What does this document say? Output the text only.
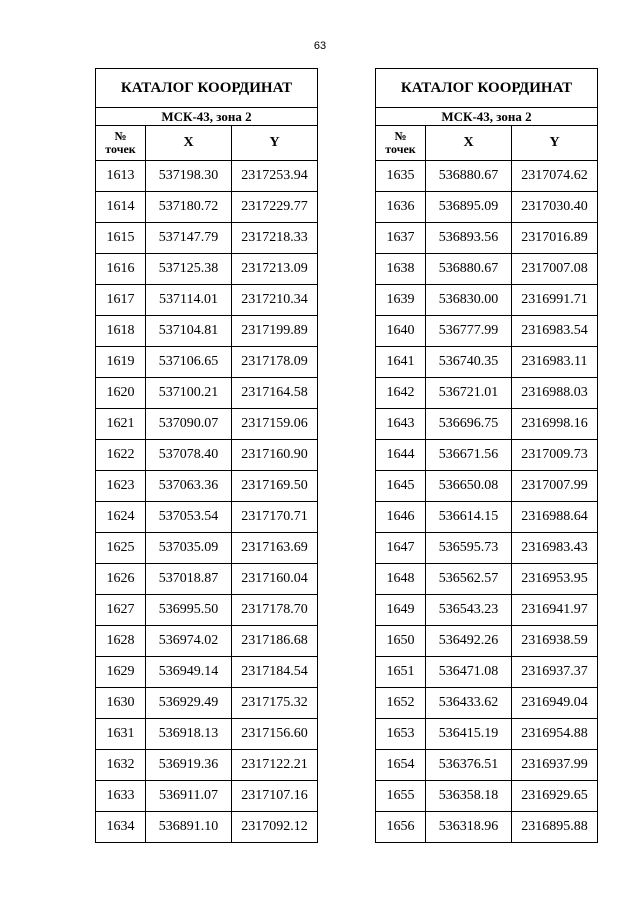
63
КАТАЛОГ КООРДИНАТ		
МСК-43, зона 2		
№
точек	X	Y
1613	537198.30	2317253.94
1614	537180.72	2317229.77
1615	537147.79	2317218.33
1616	537125.38	2317213.09
1617	537114.01	2317210.34
1618	537104.81	2317199.89
1619	537106.65	2317178.09
1620	537100.21	2317164.58
1621	537090.07	2317159.06
1622	537078.40	2317160.90
1623	537063.36	2317169.50
1624	537053.54	2317170.71
1625	537035.09	2317163.69
1626	537018.87	2317160.04
1627	536995.50	2317178.70
1628	536974.02	2317186.68
1629	536949.14	2317184.54
1630	536929.49	2317175.32
1631	536918.13	2317156.60
1632	536919.36	2317122.21
1633	536911.07	2317107.16
1634	536891.10	2317092.12
КАТАЛОГ КООРДИНАТ		
МСК-43, зона 2		
№
точек	X	Y
1635	536880.67	2317074.62
1636	536895.09	2317030.40
1637	536893.56	2317016.89
1638	536880.67	2317007.08
1639	536830.00	2316991.71
1640	536777.99	2316983.54
1641	536740.35	2316983.11
1642	536721.01	2316988.03
1643	536696.75	2316998.16
1644	536671.56	2317009.73
1645	536650.08	2317007.99
1646	536614.15	2316988.64
1647	536595.73	2316983.43
1648	536562.57	2316953.95
1649	536543.23	2316941.97
1650	536492.26	2316938.59
1651	536471.08	2316937.37
1652	536433.62	2316949.04
1653	536415.19	2316954.88
1654	536376.51	2316937.99
1655	536358.18	2316929.65
1656	536318.96	2316895.88
